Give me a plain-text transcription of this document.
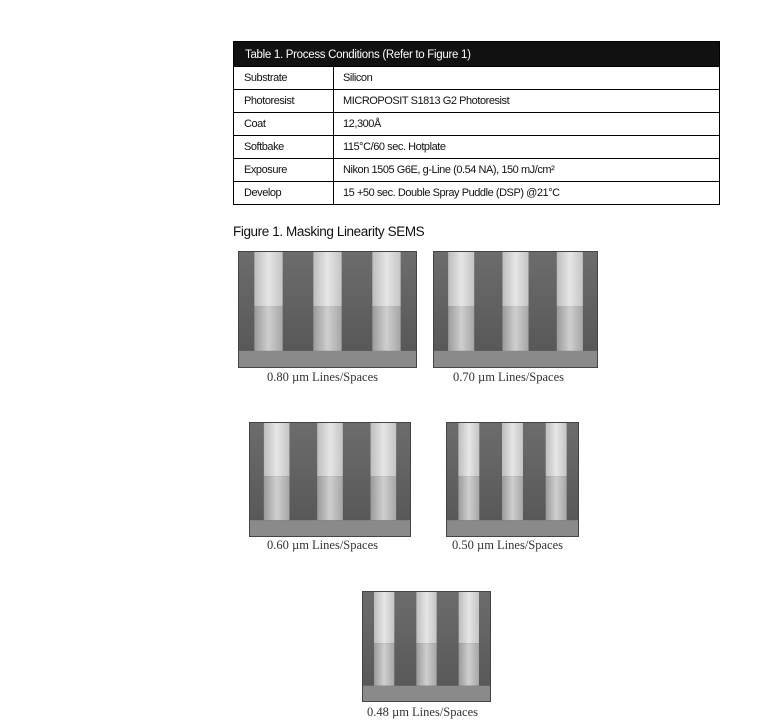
Table 1. Process Conditions (Refer to Figure 1)
Substrate	Silicon
Photoresist	MICROPOSIT S1813 G2 Photoresist
Coat	12,300Å
Softbake	115°C/60 sec. Hotplate
Exposure	Nikon 1505 G6E, g-Line (0.54 NA), 150 mJ/cm²
Develop	15 +50 sec. Double Spray Puddle (DSP) @21°C
Figure 1. Masking Linearity SEMS
0.80 µm Lines/Spaces	0.70 µm Lines/Spaces
0.60 µm Lines/Spaces	0.50 µm Lines/Spaces
0.48 µm Lines/Spaces
